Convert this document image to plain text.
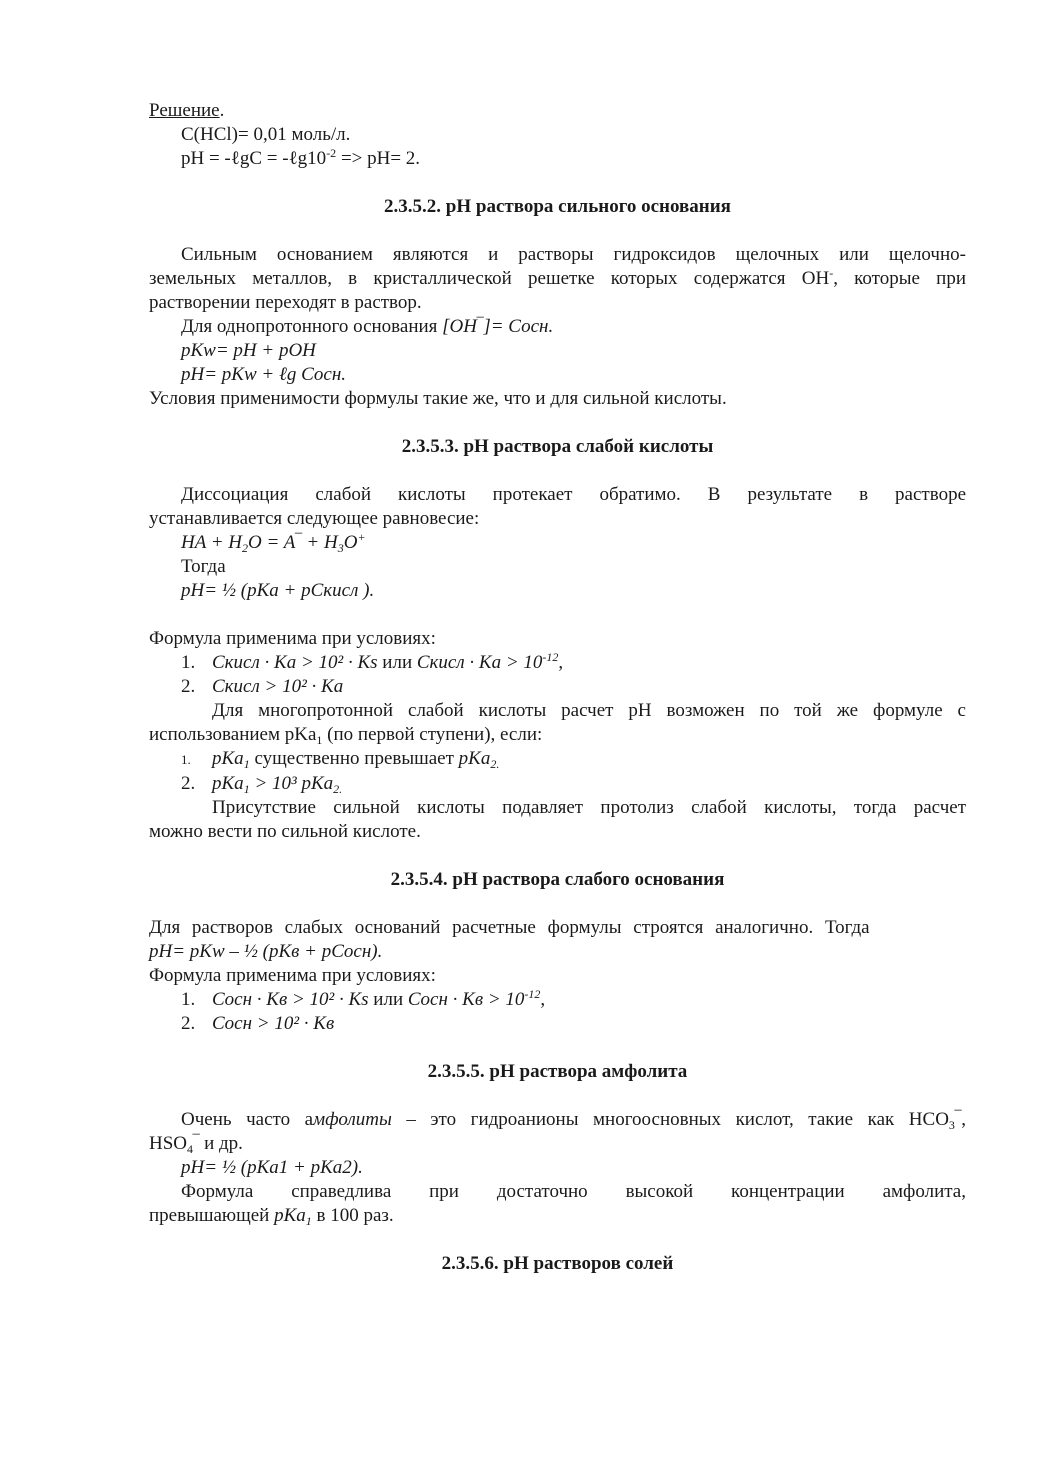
Решение.

С(HCl)= 0,01 моль/л.

pH = -ℓgC = $-\ell g10^{-2} => pH= 2$.

2.3.5.2. pH раствора сильного основания

Сильным основанием являются и растворы гидроксидов щелочных или щелочно-

земельных металлов, в кристаллической решетке которых содержатся OH-, которые при

растворении переходят в раствор.

Для однопротонного основания [OH‾]= Сосн.

pKw= pH + pOH

pH= pKw + ℓg Сосн.

Условия применимости формулы такие же, что и для сильной кислоты.

2.3.5.3. pH раствора слабой кислоты

Диссоциация слабой кислоты протекает обратимо. В результате в растворе

устанавливается следующее равновесие:

HA + $H_2O$ = A‾ + $H_3O^+$

Тогда

pH= ½ (pKa + pCкисл ).

Формула применима при условиях:

1. Cкисл · Ka > 10² · Ks или Cкисл · $Ka > 10^{-12}$,

2. Cкисл > 10² · Ka

Для многопротонной слабой кислоты расчет pH возможен по той же формуле с

использованием pKa$_1$ (по первой ступени), если:

1. pKa$_1$ существенно превышает pKa$_{2.}$

2. pKa$_1$ > 10³ pKa$_{2.}$

Присутствие сильной кислоты подавляет протолиз слабой кислоты, тогда расчет

можно вести по сильной кислоте.

2.3.5.4. pH раствора слабого основания

Для растворов слабых оснований расчетные формулы строятся аналогично. Тогда

pH= pKw – ½ (pKв + pCосн).

Формула применима при условиях:

1. Cосн · Kв > 10² · Ks или Cосн · Kв > $10^{-12}$,

2. Cосн > 10² · Kв

2.3.5.5. pH раствора амфолита

Очень часто амфолиты – это гидроанионы многоосновных кислот, такие как $HCO_3‾$,

$HSO_4‾$ и др.

pH= ½ (pKa1 + pKa2).

Формула справедлива при достаточно высокой концентрации амфолита,

превышающей pKa$_1$ в 100 раз.

2.3.5.6. pH растворов солей
